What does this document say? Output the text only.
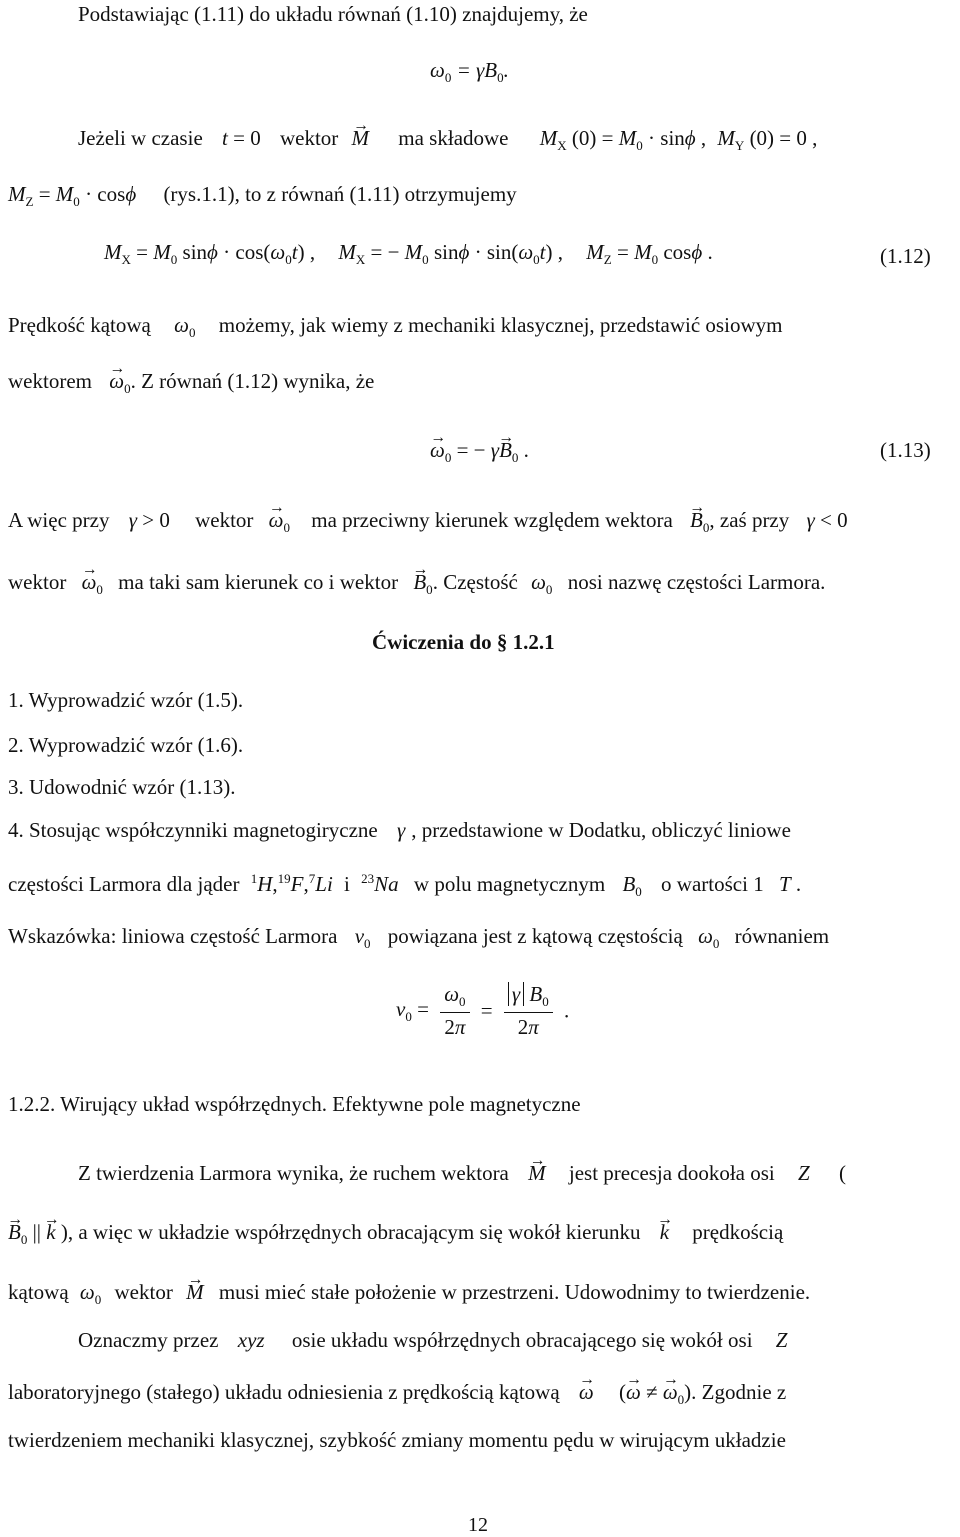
Podstawiając (1.11) do układu równań (1.10) znajdujemy, że
$\omega_0 = \gamma B_0$.
Jeżeli w czasie t = 0 wektor → M ma składowe $M_X$ $(0) = M_0 \cdot \sin\phi$ , $M_Y$ (0) = 0 ,
$M_Z = M_0 \cdot \cos\phi$ (rys.1.1), to z równań (1.11) otrzymujemy
$M_X = M_0$ $\sin\phi \cdot \cos(\omega_0t)$ , $M_X$ = − $M_0$ $\sin\phi \cdot \sin(\omega_0t)$ , $M_Z = M_0$ cosϕ .	(1.12)
Prędkość kątową $\omega_0$ możemy, jak wiemy z mechaniki klasycznej, przedstawić osiowym
wektorem → $\omega_0$. Z równań (1.12) wynika, że
→ $\omega_0$ = − $\gamma\to B_0$ .	(1.13)
A więc przy γ > 0 wektor → $\omega_0$ ma przeciwny kierunek względem wektora → $B_0$, zaś przy γ < 0
wektor → $\omega_0$ ma taki sam kierunek co i wektor → $B_0$. Częstość $\omega_0$ nosi nazwę częstości Larmora.
Ćwiczenia do § 1.2.1
1. Wyprowadzić wzór (1.5).
2. Wyprowadzić wzór (1.6).
3. Udowodnić wzór (1.13).
4. Stosując współczynniki magnetogiryczne γ , przedstawione w Dodatku, obliczyć liniowe
częstości Larmora dla jąder $^1$H,$^{19}$F,$^7$Li i $^{23}$Na w polu magnetycznym $B_0$ o wartości 1 T .
Wskazówka: liniowa częstość Larmora $\nu_0$ powiązana jest z kątową częstością $\omega_0$ równaniem
$\nu_0 = \frac{\omega_0}{2\pi} = \frac{\gamma B_0}{2\pi}$ .
1.2.2. Wirujący układ współrzędnych. Efektywne pole magnetyczne
Z twierdzenia Larmora wynika, że ruchem wektora → M jest precesja dookoła osi Z (
→ $B_0$ || → k ), a więc w układzie współrzędnych obracającym się wokół kierunku → k prędkością
kątową $\omega_0$ wektor → M musi mieć stałe położenie w przestrzeni. Udowodnimy to twierdzenie.
Oznaczmy przez xyz osie układu współrzędnych obracającego się wokół osi Z
laboratoryjnego (stałego) układu odniesienia z prędkością kątową → ω (→ ω ≠ → $\omega_0$). Zgodnie z
twierdzeniem mechaniki klasycznej, szybkość zmiany momentu pędu w wirującym układzie
12
